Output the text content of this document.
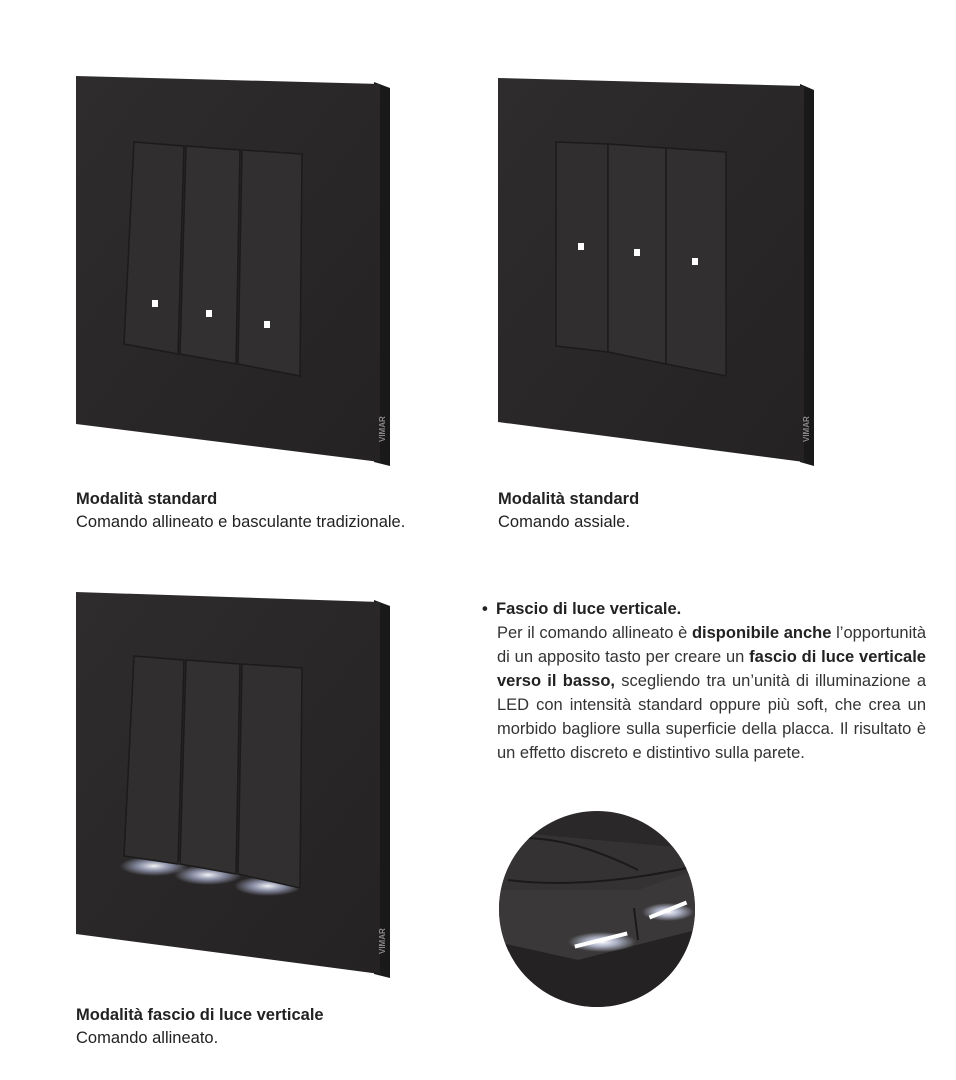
VIMAR	VIMAR
VIMAR
Modalità standard
Comando allineato e basculante tradizionale.
Modalità standard
Comando assiale.
Modalità fascio di luce verticale
Comando allineato.
• Fascio di luce verticale.
Per il comando allineato è disponibile anche l’opportunità di un apposito tasto per creare un fascio di luce verticale verso il basso, scegliendo tra un’unità di illuminazione a LED con intensità standard oppure più soft, che crea un morbido bagliore sulla superficie della placca. Il risultato è un effetto discreto e distintivo sulla parete.
